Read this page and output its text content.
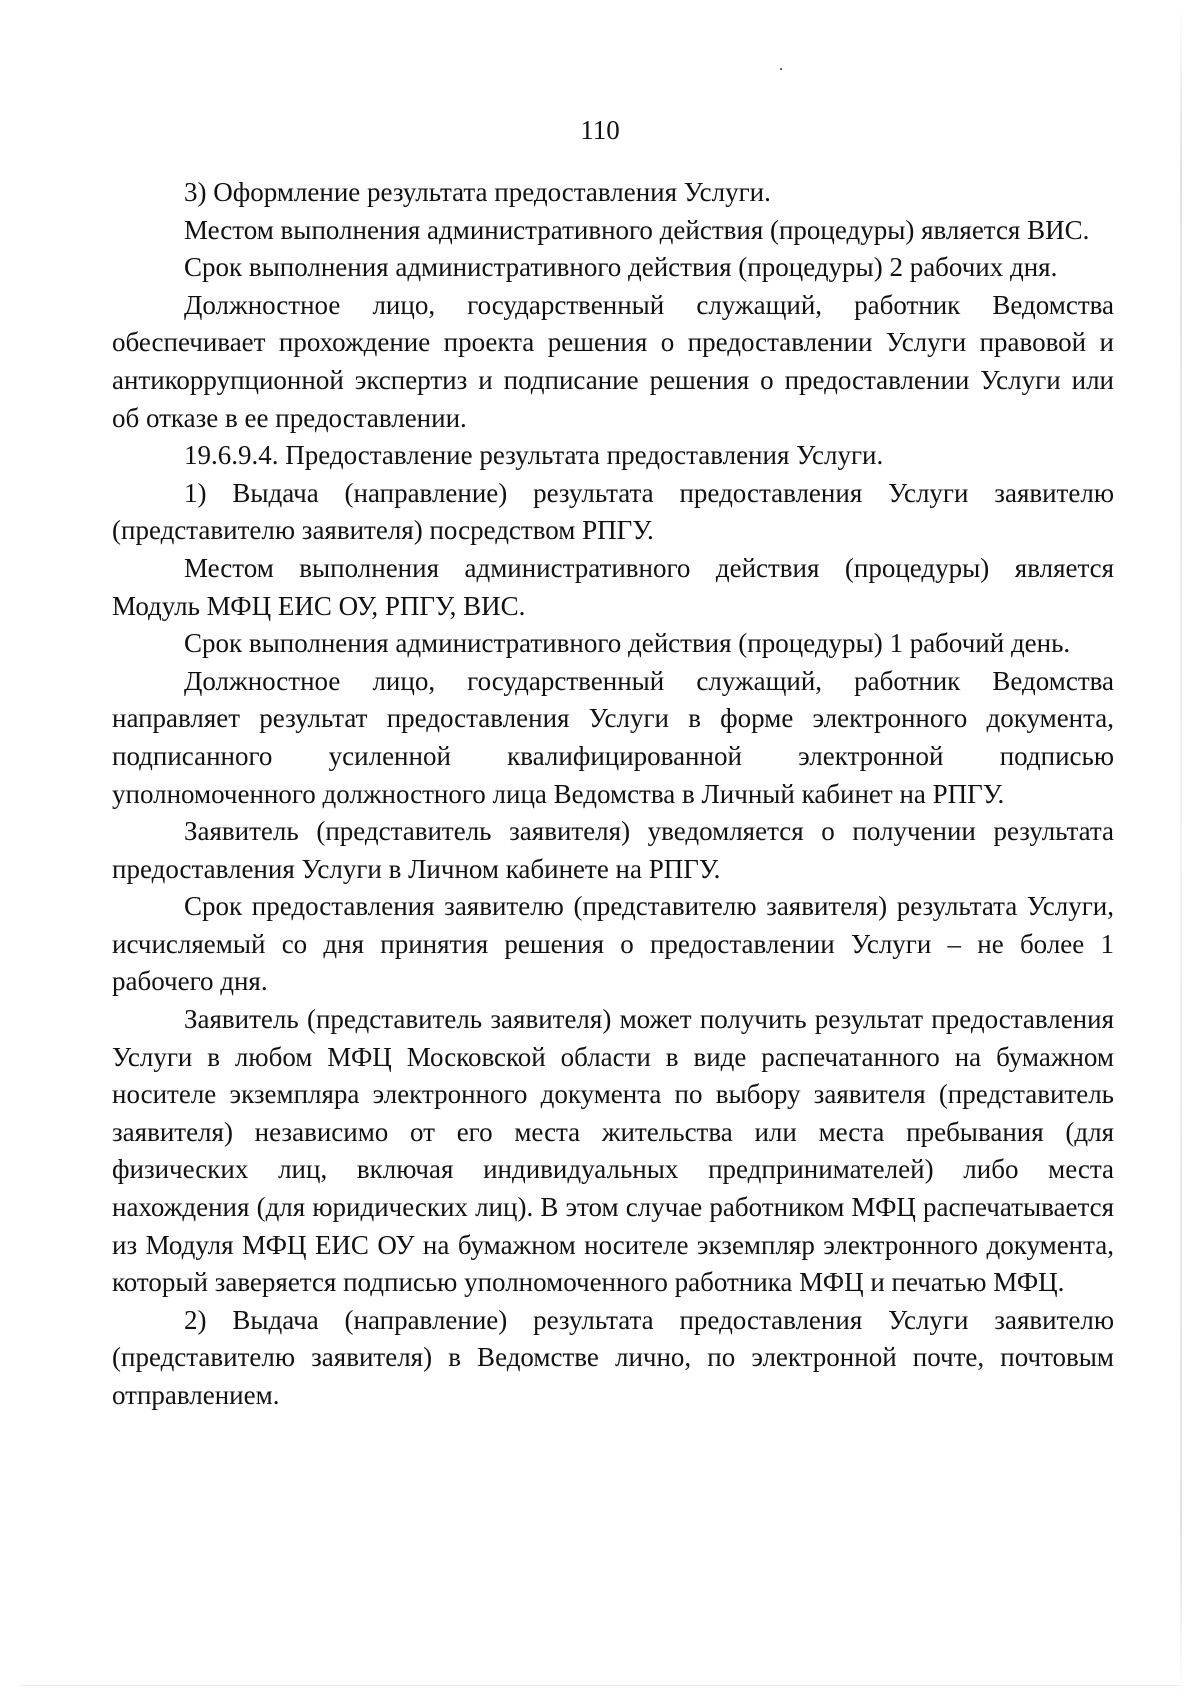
110

3) Оформление результата предоставления Услуги.

Местом выполнения административного действия (процедуры) является ВИС.

Срок выполнения административного действия (процедуры) 2 рабочих дня.

Должностное лицо, государственный служащий, работник Ведомства обеспечивает прохождение проекта решения о предоставлении Услуги правовой и антикоррупционной экспертиз и подписание решения о предоставлении Услуги или об отказе в ее предоставлении.

19.6.9.4. Предоставление результата предоставления Услуги.

1) Выдача (направление) результата предоставления Услуги заявителю (представителю заявителя) посредством РПГУ.

Местом выполнения административного действия (процедуры) является Модуль МФЦ ЕИС ОУ, РПГУ, ВИС.

Срок выполнения административного действия (процедуры) 1 рабочий день.

Должностное лицо, государственный служащий, работник Ведомства направляет результат предоставления Услуги в форме электронного документа, подписанного усиленной квалифицированной электронной подписью уполномоченного должностного лица Ведомства в Личный кабинет на РПГУ.

Заявитель (представитель заявителя) уведомляется о получении результата предоставления Услуги в Личном кабинете на РПГУ.

Срок предоставления заявителю (представителю заявителя) результата Услуги, исчисляемый со дня принятия решения о предоставлении Услуги – не более 1 рабочего дня.

Заявитель (представитель заявителя) может получить результат предоставления Услуги в любом МФЦ Московской области в виде распечатанного на бумажном носителе экземпляра электронного документа по выбору заявителя (представитель заявителя) независимо от его места жительства или места пребывания (для физических лиц, включая индивидуальных предпринимателей) либо места нахождения (для юридических лиц). В этом случае работником МФЦ распечатывается из Модуля МФЦ ЕИС ОУ на бумажном носителе экземпляр электронного документа, который заверяется подписью уполномоченного работника МФЦ и печатью МФЦ.

2) Выдача (направление) результата предоставления Услуги заявителю (представителю заявителя) в Ведомстве лично, по электронной почте, почтовым отправлением.
